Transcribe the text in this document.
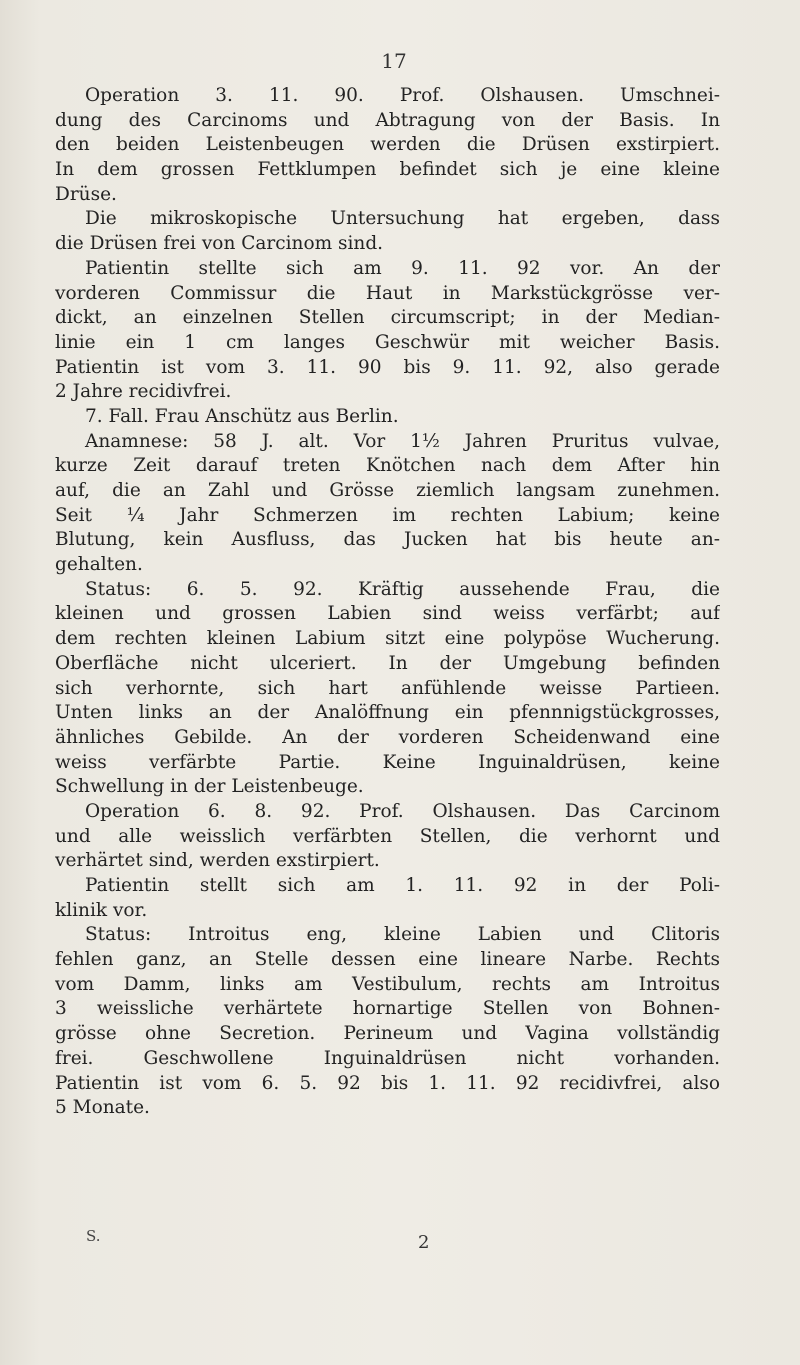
17
Operation 3. 11. 90. Prof. Olshausen. Umschnei-
dung des Carcinoms und Abtragung von der Basis. In
den beiden Leistenbeugen werden die Drüsen exstirpiert.
In dem grossen Fettklumpen befindet sich je eine kleine
Drüse.
Die mikroskopische Untersuchung hat ergeben, dass
die Drüsen frei von Carcinom sind.
Patientin stellte sich am 9. 11. 92 vor. An der
vorderen Commissur die Haut in Markstückgrösse ver-
dickt, an einzelnen Stellen circumscript; in der Median-
linie ein 1 cm langes Geschwür mit weicher Basis.
Patientin ist vom 3. 11. 90 bis 9. 11. 92, also gerade
2 Jahre recidivfrei.
7. Fall. Frau Anschütz aus Berlin.
Anamnese: 58 J. alt. Vor 1½ Jahren Pruritus vulvae,
kurze Zeit darauf treten Knötchen nach dem After hin
auf, die an Zahl und Grösse ziemlich langsam zunehmen.
Seit ¼ Jahr Schmerzen im rechten Labium; keine
Blutung, kein Ausfluss, das Jucken hat bis heute an-
gehalten.
Status: 6. 5. 92. Kräftig aussehende Frau, die
kleinen und grossen Labien sind weiss verfärbt; auf
dem rechten kleinen Labium sitzt eine polypöse Wucherung.
Oberfläche nicht ulceriert. In der Umgebung befinden
sich verhornte, sich hart anfühlende weisse Partieen.
Unten links an der Analöffnung ein pfennnigstückgrosses,
ähnliches Gebilde. An der vorderen Scheidenwand eine
weiss verfärbte Partie. Keine Inguinaldrüsen, keine
Schwellung in der Leistenbeuge.
Operation 6. 8. 92. Prof. Olshausen. Das Carcinom
und alle weisslich verfärbten Stellen, die verhornt und
verhärtet sind, werden exstirpiert.
Patientin stellt sich am 1. 11. 92 in der Poli-
klinik vor.
Status: Introitus eng, kleine Labien und Clitoris
fehlen ganz, an Stelle dessen eine lineare Narbe. Rechts
vom Damm, links am Vestibulum, rechts am Introitus
3 weissliche verhärtete hornartige Stellen von Bohnen-
grösse ohne Secretion. Perineum und Vagina vollständig
frei. Geschwollene Inguinaldrüsen nicht vorhanden.
Patientin ist vom 6. 5. 92 bis 1. 11. 92 recidivfrei, also
5 Monate.
S.	2
